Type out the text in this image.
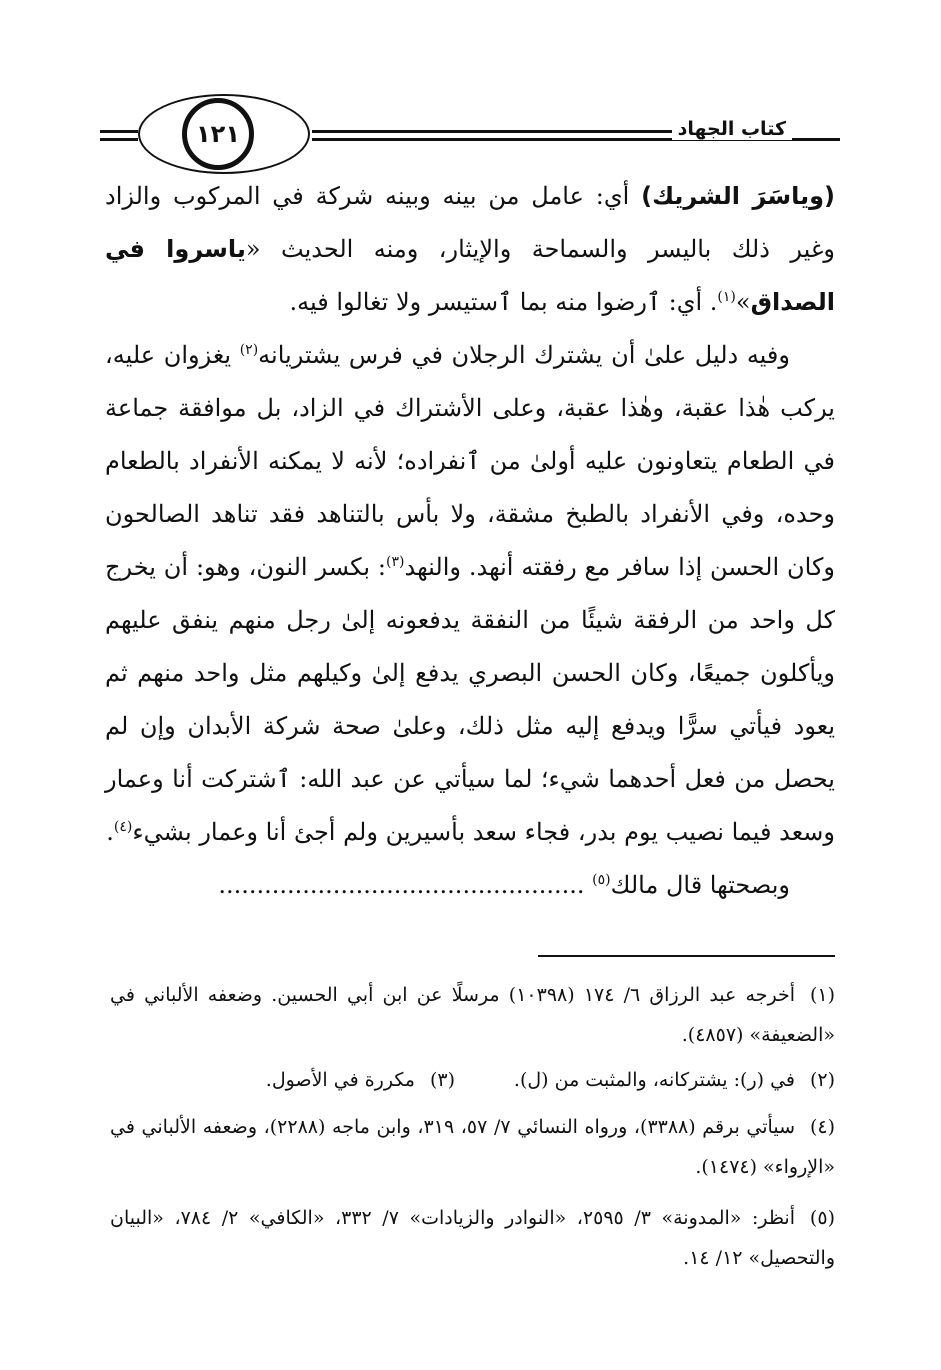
١٢١	كتاب الجهاد

(وياسَرَ الشريك) أي: عامل من بينه وبينه شركة في المركوب والزاد وغير ذلك باليسر والسماحة والإيثار، ومنه الحديث «ياسروا في الصداق»$^{(١)}$. أي: ٱرضوا منه بما ٱستيسر ولا تغالوا فيه.

وفيه دليل علىٰ أن يشترك الرجلان في فرس يشتريانه$^{(٢)}$ يغزوان عليه، يركب هٰذا عقبة، وهٰذا عقبة، وعلى الأشتراك في الزاد، بل موافقة جماعة في الطعام يتعاونون عليه أولىٰ من ٱنفراده؛ لأنه لا يمكنه الأنفراد بالطعام وحده، وفي الأنفراد بالطبخ مشقة، ولا بأس بالتناهد فقد تناهد الصالحون وكان الحسن إذا سافر مع رفقته أنهد. والنهد$^{(٣)}$: بكسر النون، وهو: أن يخرج كل واحد من الرفقة شيئًا من النفقة يدفعونه إلىٰ رجل منهم ينفق عليهم ويأكلون جميعًا، وكان الحسن البصري يدفع إلىٰ وكيلهم مثل واحد منهم ثم يعود فيأتي سرًّا ويدفع إليه مثل ذلك، وعلىٰ صحة شركة الأبدان وإن لم يحصل من فعل أحدهما شيء؛ لما سيأتي عن عبد الله: ٱشتركت أنا وعمار وسعد فيما نصيب يوم بدر، فجاء سعد بأسيرين ولم أجئ أنا وعمار بشيء$^{(٤)}$.

وبصحتها قال مالك$^{(٥)}$ ................................................

(١)أخرجه عبد الرزاق ٦/ ١٧٤ (١٠٣٩٨) مرسلًا عن ابن أبي الحسين. وضعفه الألباني في «الضعيفة» (٤٨٥٧).
(٢)في (ر): يشتركانه، والمثبت من (ل).
(٣)مكررة في الأصول.
(٤)سيأتي برقم (٣٣٨٨)، ورواه النسائي ٧/ ٥٧، ٣١٩، وابن ماجه (٢٢٨٨)، وضعفه الألباني في «الإرواء» (١٤٧٤).
(٥)أنظر: «المدونة» ٣/ ٢٥٩٥، «النوادر والزيادات» ٧/ ٣٣٢، «الكافي» ٢/ ٧٨٤، «البيان والتحصيل» ١٢/ ١٤.
